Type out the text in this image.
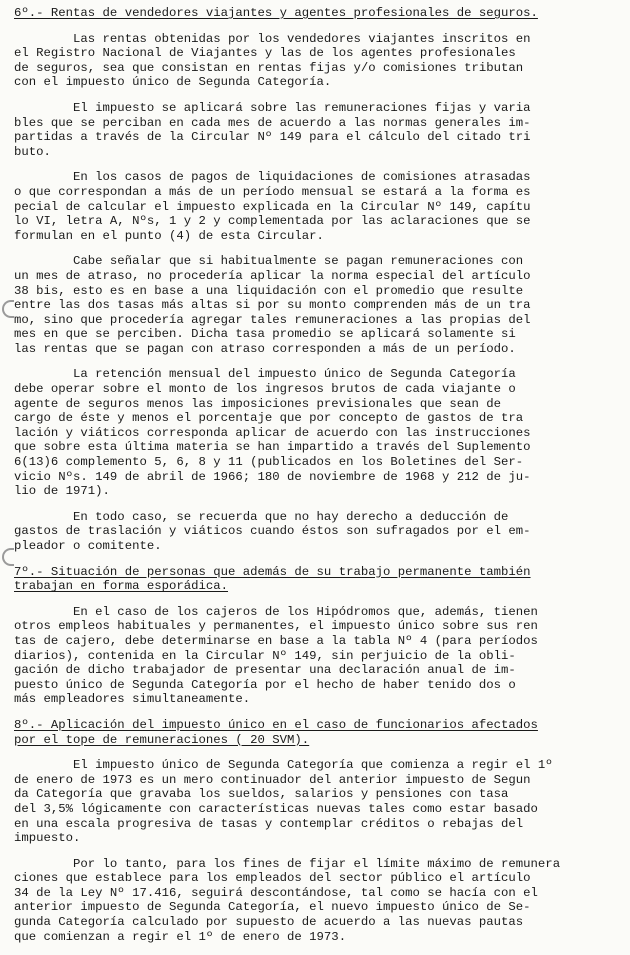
6º.- Rentas de vendedores viajantes y agentes profesionales de seguros.
Las rentas obtenidas por los vendedores viajantes inscritos en
el Registro Nacional de Viajantes y las de los agentes profesionales
de seguros, sea que consistan en rentas fijas y/o comisiones tributan
con el impuesto único de Segunda Categoría.
El impuesto se aplicará sobre las remuneraciones fijas y varia
bles que se perciban en cada mes de acuerdo a las normas generales im-
partidas a través de la Circular Nº 149 para el cálculo del citado tri
buto.
En los casos de pagos de liquidaciones de comisiones atrasadas
o que correspondan a más de un período mensual se estará a la forma es
pecial de calcular el impuesto explicada en la Circular Nº 149, capítu
lo VI, letra A, Nºs, 1 y 2 y complementada por las aclaraciones que se
formulan en el punto (4) de esta Circular.
Cabe señalar que si habitualmente se pagan remuneraciones con
un mes de atraso, no procedería aplicar la norma especial del artículo
38 bis, esto es en base a una liquidación con el promedio que resulte
entre las dos tasas más altas si por su monto comprenden más de un tra
mo, sino que procedería agregar tales remuneraciones a las propias del
mes en que se perciben. Dicha tasa promedio se aplicará solamente si
las rentas que se pagan con atraso corresponden a más de un período.
La retención mensual del impuesto único de Segunda Categoría
debe operar sobre el monto de los ingresos brutos de cada viajante o
agente de seguros menos las imposiciones previsionales que sean de
cargo de éste y menos el porcentaje que por concepto de gastos de tra
lación y viáticos corresponda aplicar de acuerdo con las instrucciones
que sobre esta última materia se han impartido a través del Suplemento
6(13)6 complemento 5, 6, 8 y 11 (publicados en los Boletines del Ser-
vicio Nºs. 149 de abril de 1966; 180 de noviembre de 1968 y 212 de ju-
lio de 1971).
En todo caso, se recuerda que no hay derecho a deducción de
gastos de traslación y viáticos cuando éstos son sufragados por el em-
pleador o comitente.
7º.- Situación de personas que además de su trabajo permanente también
trabajan en forma esporádica.
En el caso de los cajeros de los Hipódromos que, además, tienen
otros empleos habituales y permanentes, el impuesto único sobre sus ren
tas de cajero, debe determinarse en base a la tabla Nº 4 (para períodos
diarios), contenida en la Circular Nº 149, sin perjuicio de la obli-
gación de dicho trabajador de presentar una declaración anual de im-
puesto único de Segunda Categoría por el hecho de haber tenido dos o
más empleadores simultaneamente.
8º.- Aplicación del impuesto único en el caso de funcionarios afectados
por el tope de remuneraciones ( 20 SVM).
El impuesto único de Segunda Categoría que comienza a regir el 1º
de enero de 1973 es un mero continuador del anterior impuesto de Segun
da Categoría que gravaba los sueldos, salarios y pensiones con tasa
del 3,5% lógicamente con características nuevas tales como estar basado
en una escala progresiva de tasas y contemplar créditos o rebajas del
impuesto.
Por lo tanto, para los fines de fijar el límite máximo de remunera
ciones que establece para los empleados del sector público el artículo
34 de la Ley Nº 17.416, seguirá descontándose, tal como se hacía con el
anterior impuesto de Segunda Categoría, el nuevo impuesto único de Se-
gunda Categoría calculado por supuesto de acuerdo a las nuevas pautas
que comienzan a regir el 1º de enero de 1973.
